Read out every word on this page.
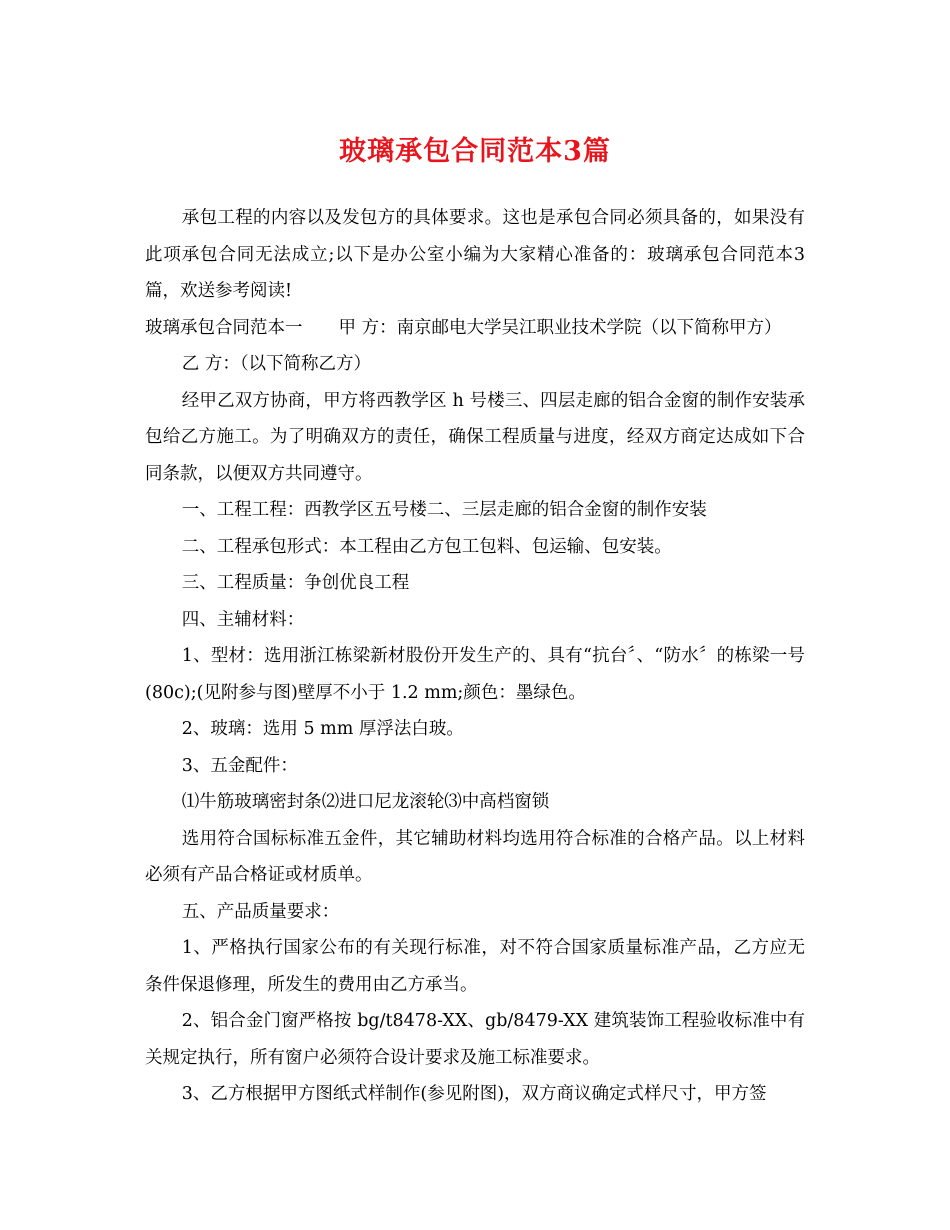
玻璃承包合同范本3篇

承包工程的内容以及发包方的具体要求。这也是承包合同必须具备的，如果没有此项承包合同无法成立;以下是办公室小编为大家精心准备的：玻璃承包合同范本3篇，欢送参考阅读!

玻璃承包合同范本一 甲 方：南京邮电大学吴江职业技术学院（以下简称甲方）

乙 方：（以下简称乙方）

经甲乙双方协商，甲方将西教学区 h 号楼三、四层走廊的铝合金窗的制作安装承包给乙方施工。为了明确双方的责任，确保工程质量与进度，经双方商定达成如下合同条款，以便双方共同遵守。

一、工程工程：西教学区五号楼二、三层走廊的铝合金窗的制作安装

二、工程承包形式：本工程由乙方包工包料、包运输、包安装。

三、工程质量：争创优良工程

四、主辅材料：

1、型材：选用浙江栋梁新材股份开发生产的、具有“抗台〞、“防水〞的栋梁一号(80c);(见附参与图)壁厚不小于 1.2 mm;颜色：墨绿色。

2、玻璃：选用 5 mm 厚浮法白玻。

3、五金配件：

⑴牛筋玻璃密封条⑵进口尼龙滚轮⑶中高档窗锁

选用符合国标标准五金件，其它辅助材料均选用符合标准的合格产品。以上材料必须有产品合格证或材质单。

五、产品质量要求：

1、严格执行国家公布的有关现行标准，对不符合国家质量标准产品，乙方应无条件保退修理，所发生的费用由乙方承当。

2、铝合金门窗严格按 bg/t8478-XX、gb/8479-XX 建筑装饰工程验收标准中有关规定执行，所有窗户必须符合设计要求及施工标准要求。

3、乙方根据甲方图纸式样制作(参见附图)，双方商议确定式样尺寸，甲方签
